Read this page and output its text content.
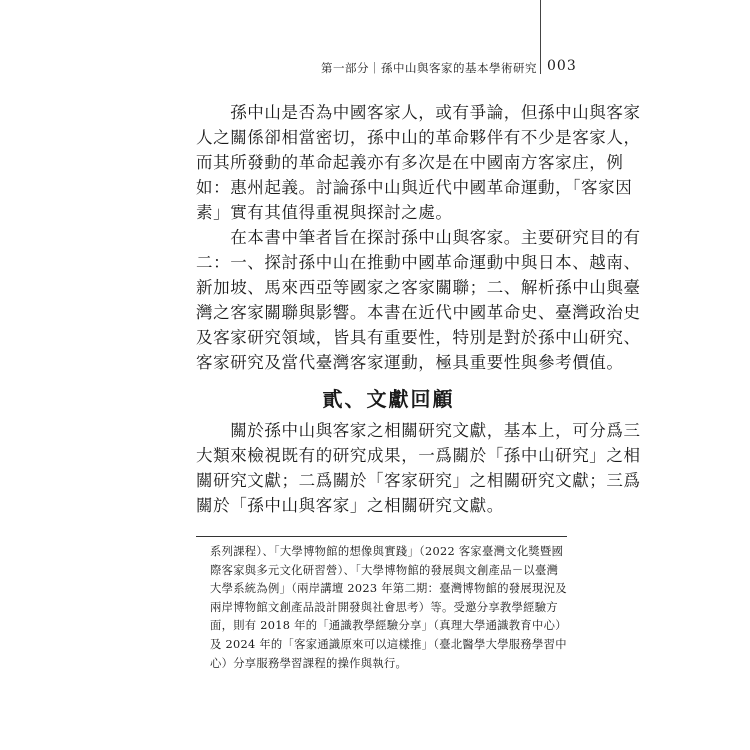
第一部分｜孫中山與客家的基本學術研究 003

　　孫中山是否為中國客家人，或有爭論，但孫中山與客家

人之關係卻相當密切，孫中山的革命夥伴有不少是客家人，

而其所發動的革命起義亦有多次是在中國南方客家庄，例

如：惠州起義。討論孫中山與近代中國革命運動，「客家因

素」實有其值得重視與探討之處。

　　在本書中筆者旨在探討孫中山與客家。主要研究目的有

二：一、探討孫中山在推動中國革命運動中與日本、越南、

新加坡、馬來西亞等國家之客家關聯；二、解析孫中山與臺

灣之客家關聯與影響。本書在近代中國革命史、臺灣政治史

及客家研究領域，皆具有重要性，特別是對於孫中山研究、

客家研究及當代臺灣客家運動，極具重要性與參考價值。

貳、文獻回顧

　　關於孫中山與客家之相關研究文獻，基本上，可分爲三

大類來檢視既有的研究成果，一爲關於「孫中山研究」之相

關研究文獻；二爲關於「客家研究」之相關研究文獻；三爲

關於「孫中山與客家」之相關研究文獻。

系列課程）、「大學博物館的想像與實踐」（2022 客家臺灣文化獎暨國

際客家與多元文化研習營）、「大學博物館的發展與文創產品－以臺灣

大學系統為例」（兩岸講壇 2023 年第二期：臺灣博物館的發展現況及

兩岸博物館文創產品設計開發與社會思考）等。受邀分享教學經驗方

面，則有 2018 年的「通識教學經驗分享」（真理大學通識教育中心）

及 2024 年的「客家通識原來可以這樣推」（臺北醫學大學服務學習中

心）分享服務學習課程的操作與執行。
